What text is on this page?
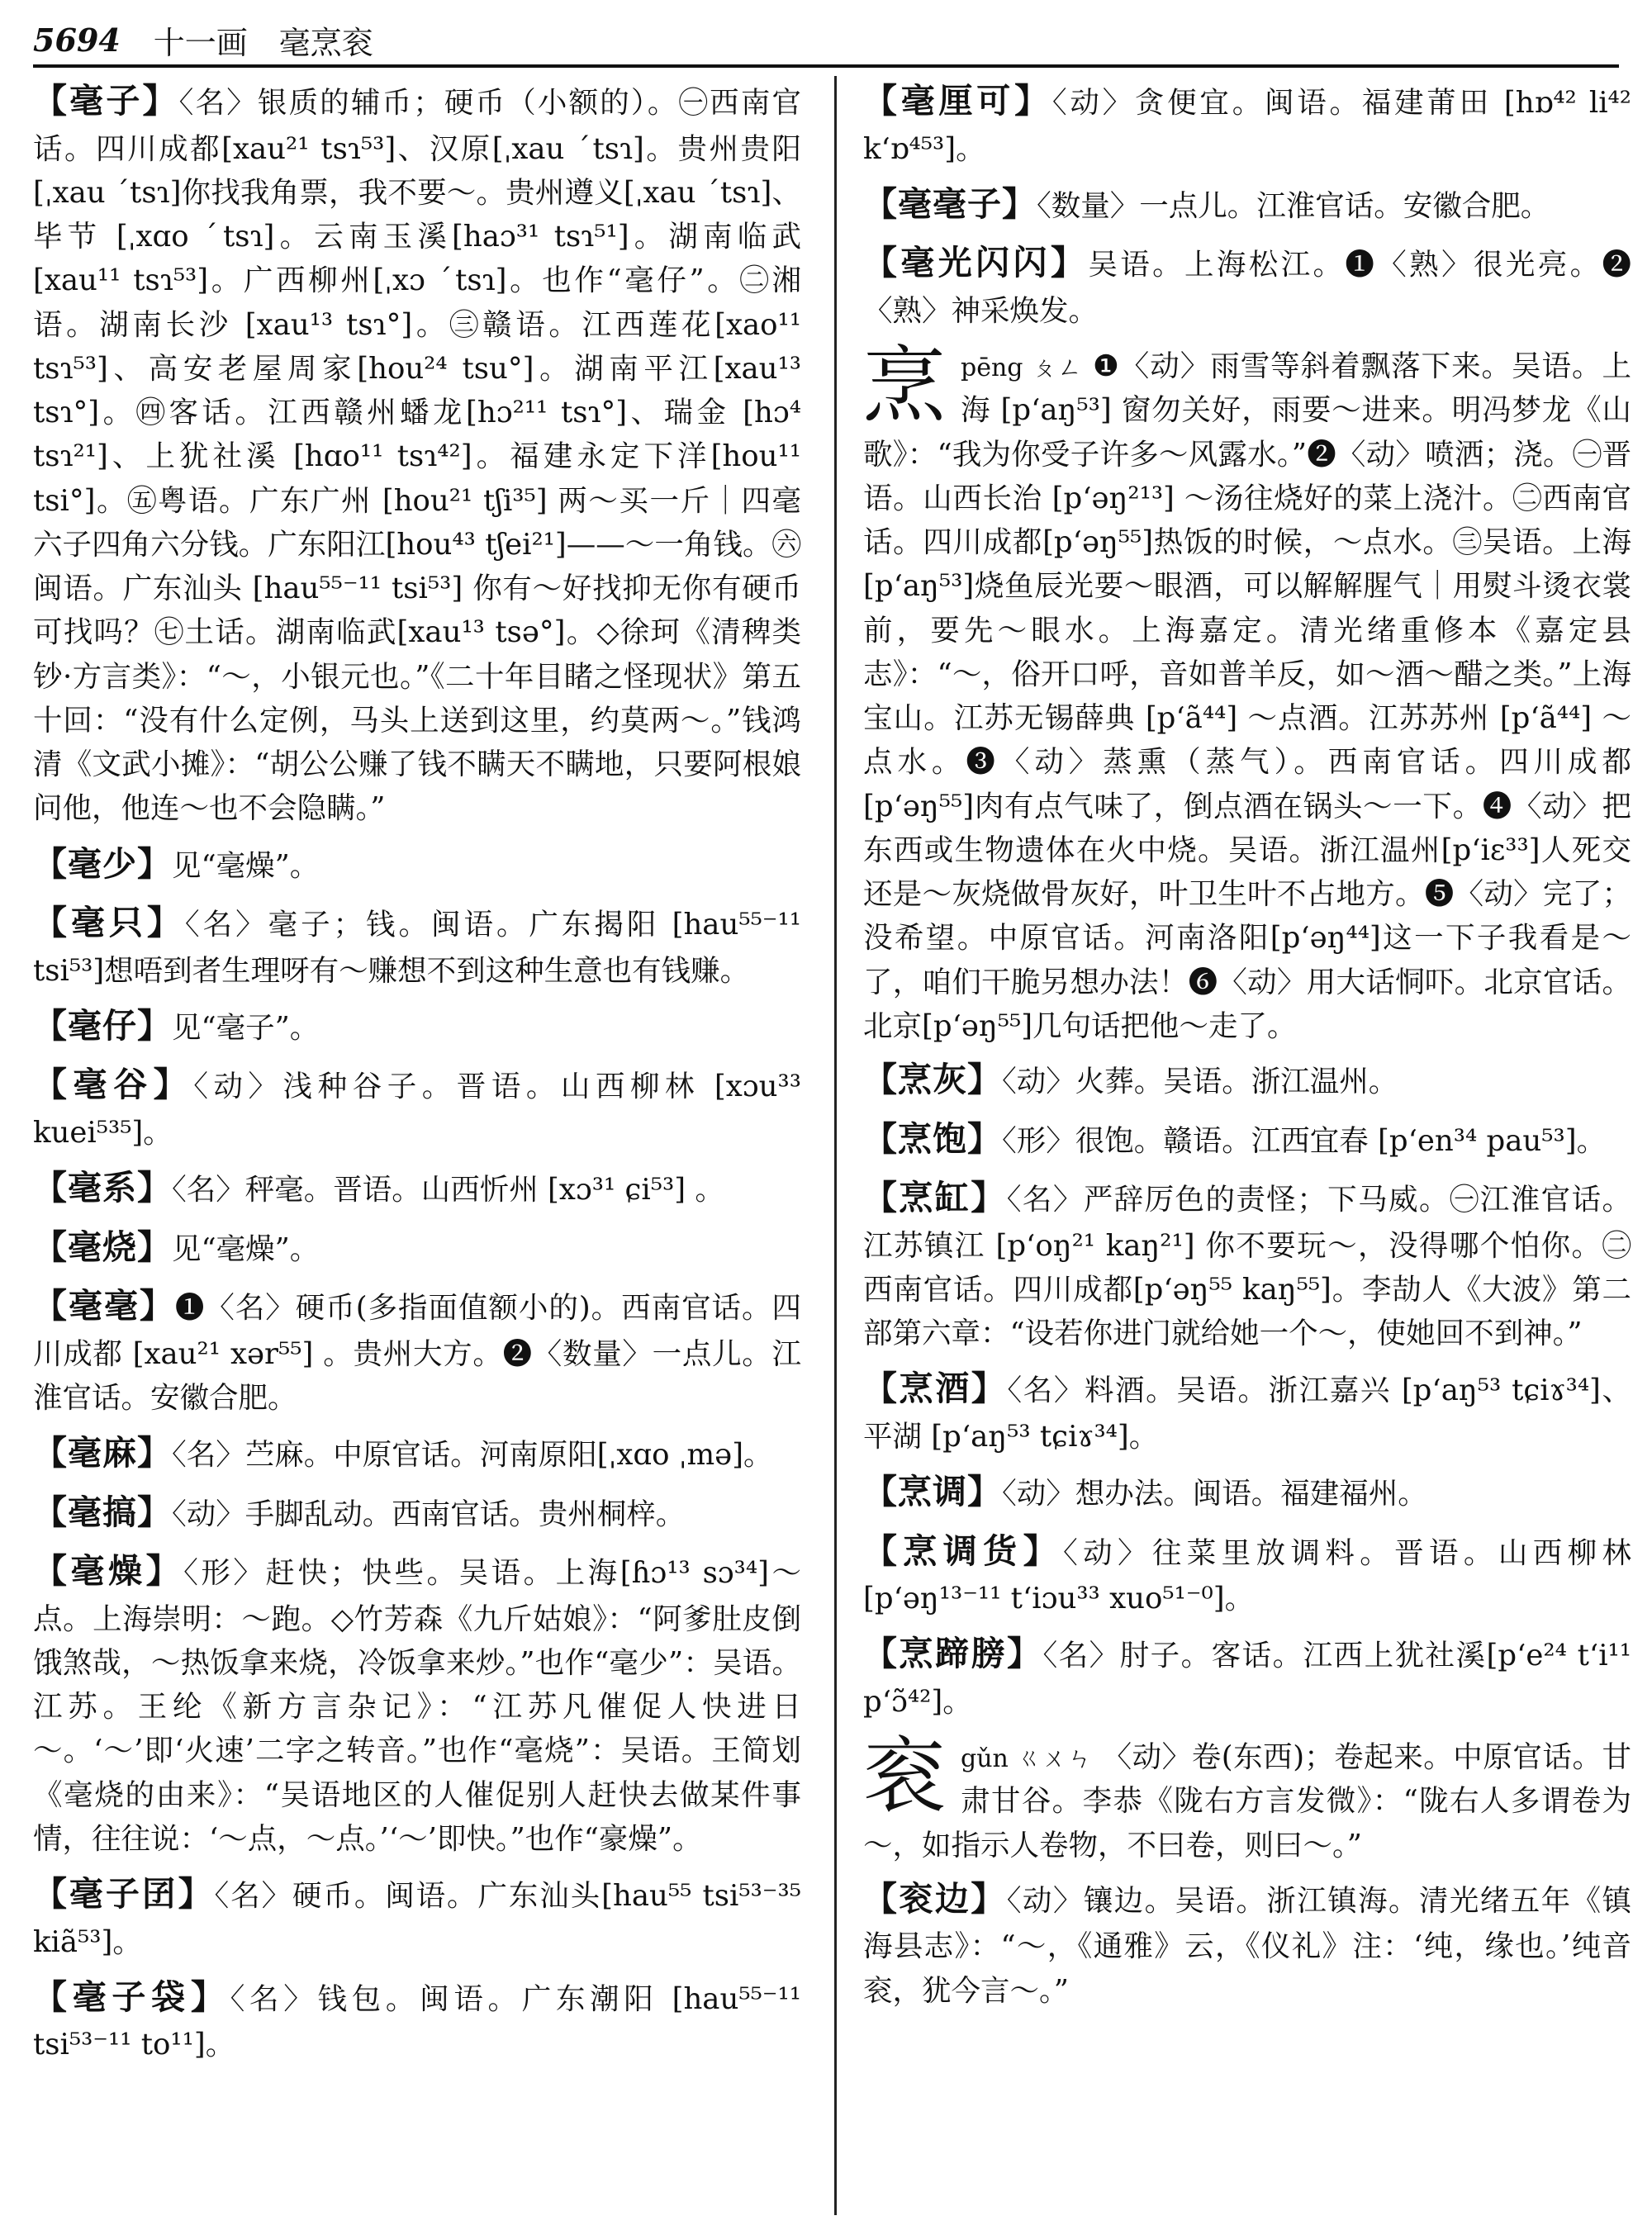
5694 十一画　毫烹衮

【毫子】〈名〉银质的辅币；硬币（小额的）。㊀西南官话。四川成都[xau²¹ tsɿ⁵³]、汉原[ˌxau ˊtsɿ]。贵州贵阳 [ˌxau ˊtsɿ]你找我角票，我不要～。贵州遵义[ˌxau ˊtsɿ]、毕节 [ˌxɑo ˊtsɿ]。云南玉溪[haɔ³¹ tsɿ⁵¹]。湖南临武[xau¹¹ tsɿ⁵³]。广西柳州[ˌxɔ ˊtsɿ]。也作“毫仔”。㊁湘语。湖南长沙 [xau¹³ tsɿ°]。㊂赣语。江西莲花[xao¹¹ tsɿ⁵³]、高安老屋周家[hou²⁴ tsu°]。湖南平江[xau¹³ tsɿ°]。㊃客话。江西赣州蟠龙[hɔ²¹¹ tsɿ°]、瑞金 [hɔ⁴ tsɿ²¹]、上犹社溪 [hɑo¹¹ tsɿ⁴²]。福建永定下洋[hou¹¹ tsi°]。㊄粤语。广东广州 [hou²¹ tʃi³⁵] 两～买一斤｜四毫六子四角六分钱。广东阳江[hou⁴³ tʃei²¹]——～一角钱。㊅闽语。广东汕头 [hau⁵⁵⁻¹¹ tsi⁵³] 你有～好找抑无你有硬币可找吗？㊆土话。湖南临武[xau¹³ tsə°]。◇徐珂《清稗类钞·方言类》：“～，小银元也。”《二十年目睹之怪现状》第五十回：“没有什么定例，马头上送到这里，约莫两～。”钱鸿清《文武小摊》：“胡公公赚了钱不瞒天不瞒地，只要阿根娘问他，他连～也不会隐瞒。”

【毫少】见“毫燥”。

【毫只】〈名〉毫子；钱。闽语。广东揭阳 [hau⁵⁵⁻¹¹ tsi⁵³]想唔到者生理呀有～赚想不到这种生意也有钱赚。

【毫仔】见“毫子”。

【毫谷】〈动〉浅种谷子。晋语。山西柳林 [xɔu³³ kuei⁵³⁵]。

【毫系】〈名〉秤毫。晋语。山西忻州 [xɔ³¹ ɕi⁵³] 。

【毫烧】见“毫燥”。

【毫毫】❶〈名〉硬币(多指面值额小的)。西南官话。四川成都 [xau²¹ xər⁵⁵] 。贵州大方。❷〈数量〉一点儿。江淮官话。安徽合肥。

【毫麻】〈名〉苎麻。中原官话。河南原阳[ˌxɑo ˌmə]。

【毫搞】〈动〉手脚乱动。西南官话。贵州桐梓。

【毫燥】〈形〉赶快；快些。吴语。上海[ɦɔ¹³ sɔ³⁴]～点。上海崇明：～跑。◇竹芳森《九斤姑娘》：“阿爹肚皮倒饿煞哉，～热饭拿来烧，冷饭拿来炒。”也作“毫少”：吴语。江苏。王纶《新方言杂记》：“江苏凡催促人快进日～。‘～’即‘火速’二字之转音。”也作“毫烧”：吴语。王简划《毫烧的由来》：“吴语地区的人催促别人赶快去做某件事情，往往说：‘～点，～点。’‘～’即快。”也作“豪燥”。

【毫子囝】〈名〉硬币。闽语。广东汕头[hau⁵⁵ tsi⁵³⁻³⁵ kiã⁵³]。

【毫子袋】〈名〉钱包。闽语。广东潮阳 [hau⁵⁵⁻¹¹ tsi⁵³⁻¹¹ to¹¹]。

【毫厘可】〈动〉贪便宜。闽语。福建莆田 [hɒ⁴² li⁴² kʻɒ⁴⁵³]。

【毫毫子】〈数量〉一点儿。江淮官话。安徽合肥。

【毫光闪闪】吴语。上海松江。❶〈熟〉很光亮。❷〈熟〉神采焕发。

烹pēng ㄆㄥ ❶〈动〉雨雪等斜着飘落下来。吴语。上海 [pʻaŋ⁵³] 窗勿关好，雨要～进来。明冯梦龙《山歌》：“我为你受子许多～风露水。”❷〈动〉喷洒；浇。㊀晋语。山西长治 [pʻəŋ²¹³] ～汤往烧好的菜上浇汁。㊁西南官话。四川成都[pʻəŋ⁵⁵]热饭的时候，～点水。㊂吴语。上海[pʻaŋ⁵³]烧鱼辰光要～眼酒，可以解解腥气｜用熨斗烫衣裳前，要先～眼水。上海嘉定。清光绪重修本《嘉定县志》：“～，俗开口呼，音如普羊反，如～酒～醋之类。”上海宝山。江苏无锡薛典 [pʻã⁴⁴] ～点酒。江苏苏州 [pʻã⁴⁴] ～点水。❸〈动〉蒸熏（蒸气）。西南官话。四川成都[pʻəŋ⁵⁵]肉有点气味了，倒点酒在锅头～一下。❹〈动〉把东西或生物遗体在火中烧。吴语。浙江温州[pʻiɛ³³]人死交还是～灰烧做骨灰好，叶卫生叶不占地方。❺〈动〉完了；没希望。中原官话。河南洛阳[pʻəŋ⁴⁴]这一下子我看是～了，咱们干脆另想办法！❻〈动〉用大话恫吓。北京官话。北京[pʻəŋ⁵⁵]几句话把他～走了。

【烹灰】〈动〉火葬。吴语。浙江温州。

【烹饱】〈形〉很饱。赣语。江西宜春 [pʻen³⁴ pau⁵³]。

【烹缸】〈名〉严辞厉色的责怪；下马威。㊀江淮官话。江苏镇江 [pʻoŋ²¹ kaŋ²¹] 你不要玩～，没得哪个怕你。㊁西南官话。四川成都[pʻəŋ⁵⁵ kaŋ⁵⁵]。李劼人《大波》第二部第六章：“设若你进门就给她一个～，使她回不到神。”

【烹酒】〈名〉料酒。吴语。浙江嘉兴 [pʻaŋ⁵³ tɕiɤ³⁴]、平湖 [pʻaŋ⁵³ tɕiɤ³⁴]。

【烹调】〈动〉想办法。闽语。福建福州。

【烹调货】〈动〉往菜里放调料。晋语。山西柳林 [pʻəŋ¹³⁻¹¹ tʻiɔu³³ xuo⁵¹⁻⁰]。

【烹蹄膀】〈名〉肘子。客话。江西上犹社溪[pʻe²⁴ tʻi¹¹ pʻɔ̃⁴²]。

衮gǔn ㄍㄨㄣ 〈动〉卷(东西)；卷起来。中原官话。甘肃甘谷。李恭《陇右方言发微》：“陇右人多谓卷为～，如指示人卷物，不曰卷，则曰～。”

【衮边】〈动〉镶边。吴语。浙江镇海。清光绪五年《镇海县志》：“～，《通雅》云，《仪礼》注：‘纯，缘也。’纯音衮，犹今言～。”
